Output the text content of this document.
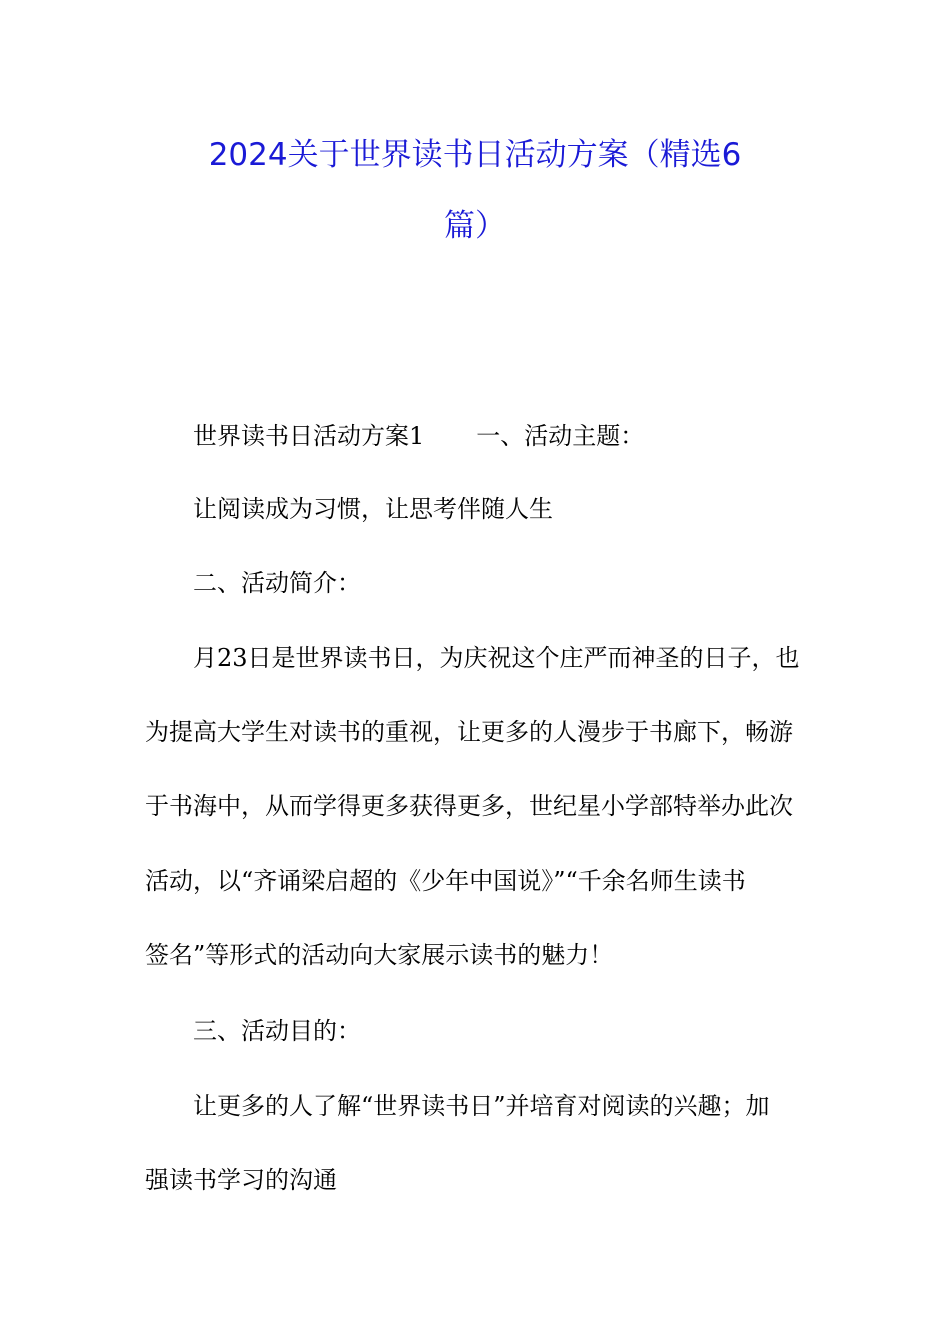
2024关于世界读书日活动方案（精选6
篇）

世界读书日活动方案1 一、活动主题：

让阅读成为习惯，让思考伴随人生

二、活动简介：

月23日是世界读书日，为庆祝这个庄严而神圣的日子，也

为提高大学生对读书的重视，让更多的人漫步于书廊下，畅游

于书海中，从而学得更多获得更多，世纪星小学部特举办此次

活动，以“齐诵梁启超的《少年中国说》”“千余名师生读书

签名”等形式的活动向大家展示读书的魅力！

三、活动目的：

让更多的人了解“世界读书日”并培育对阅读的兴趣；加

强读书学习的沟通
